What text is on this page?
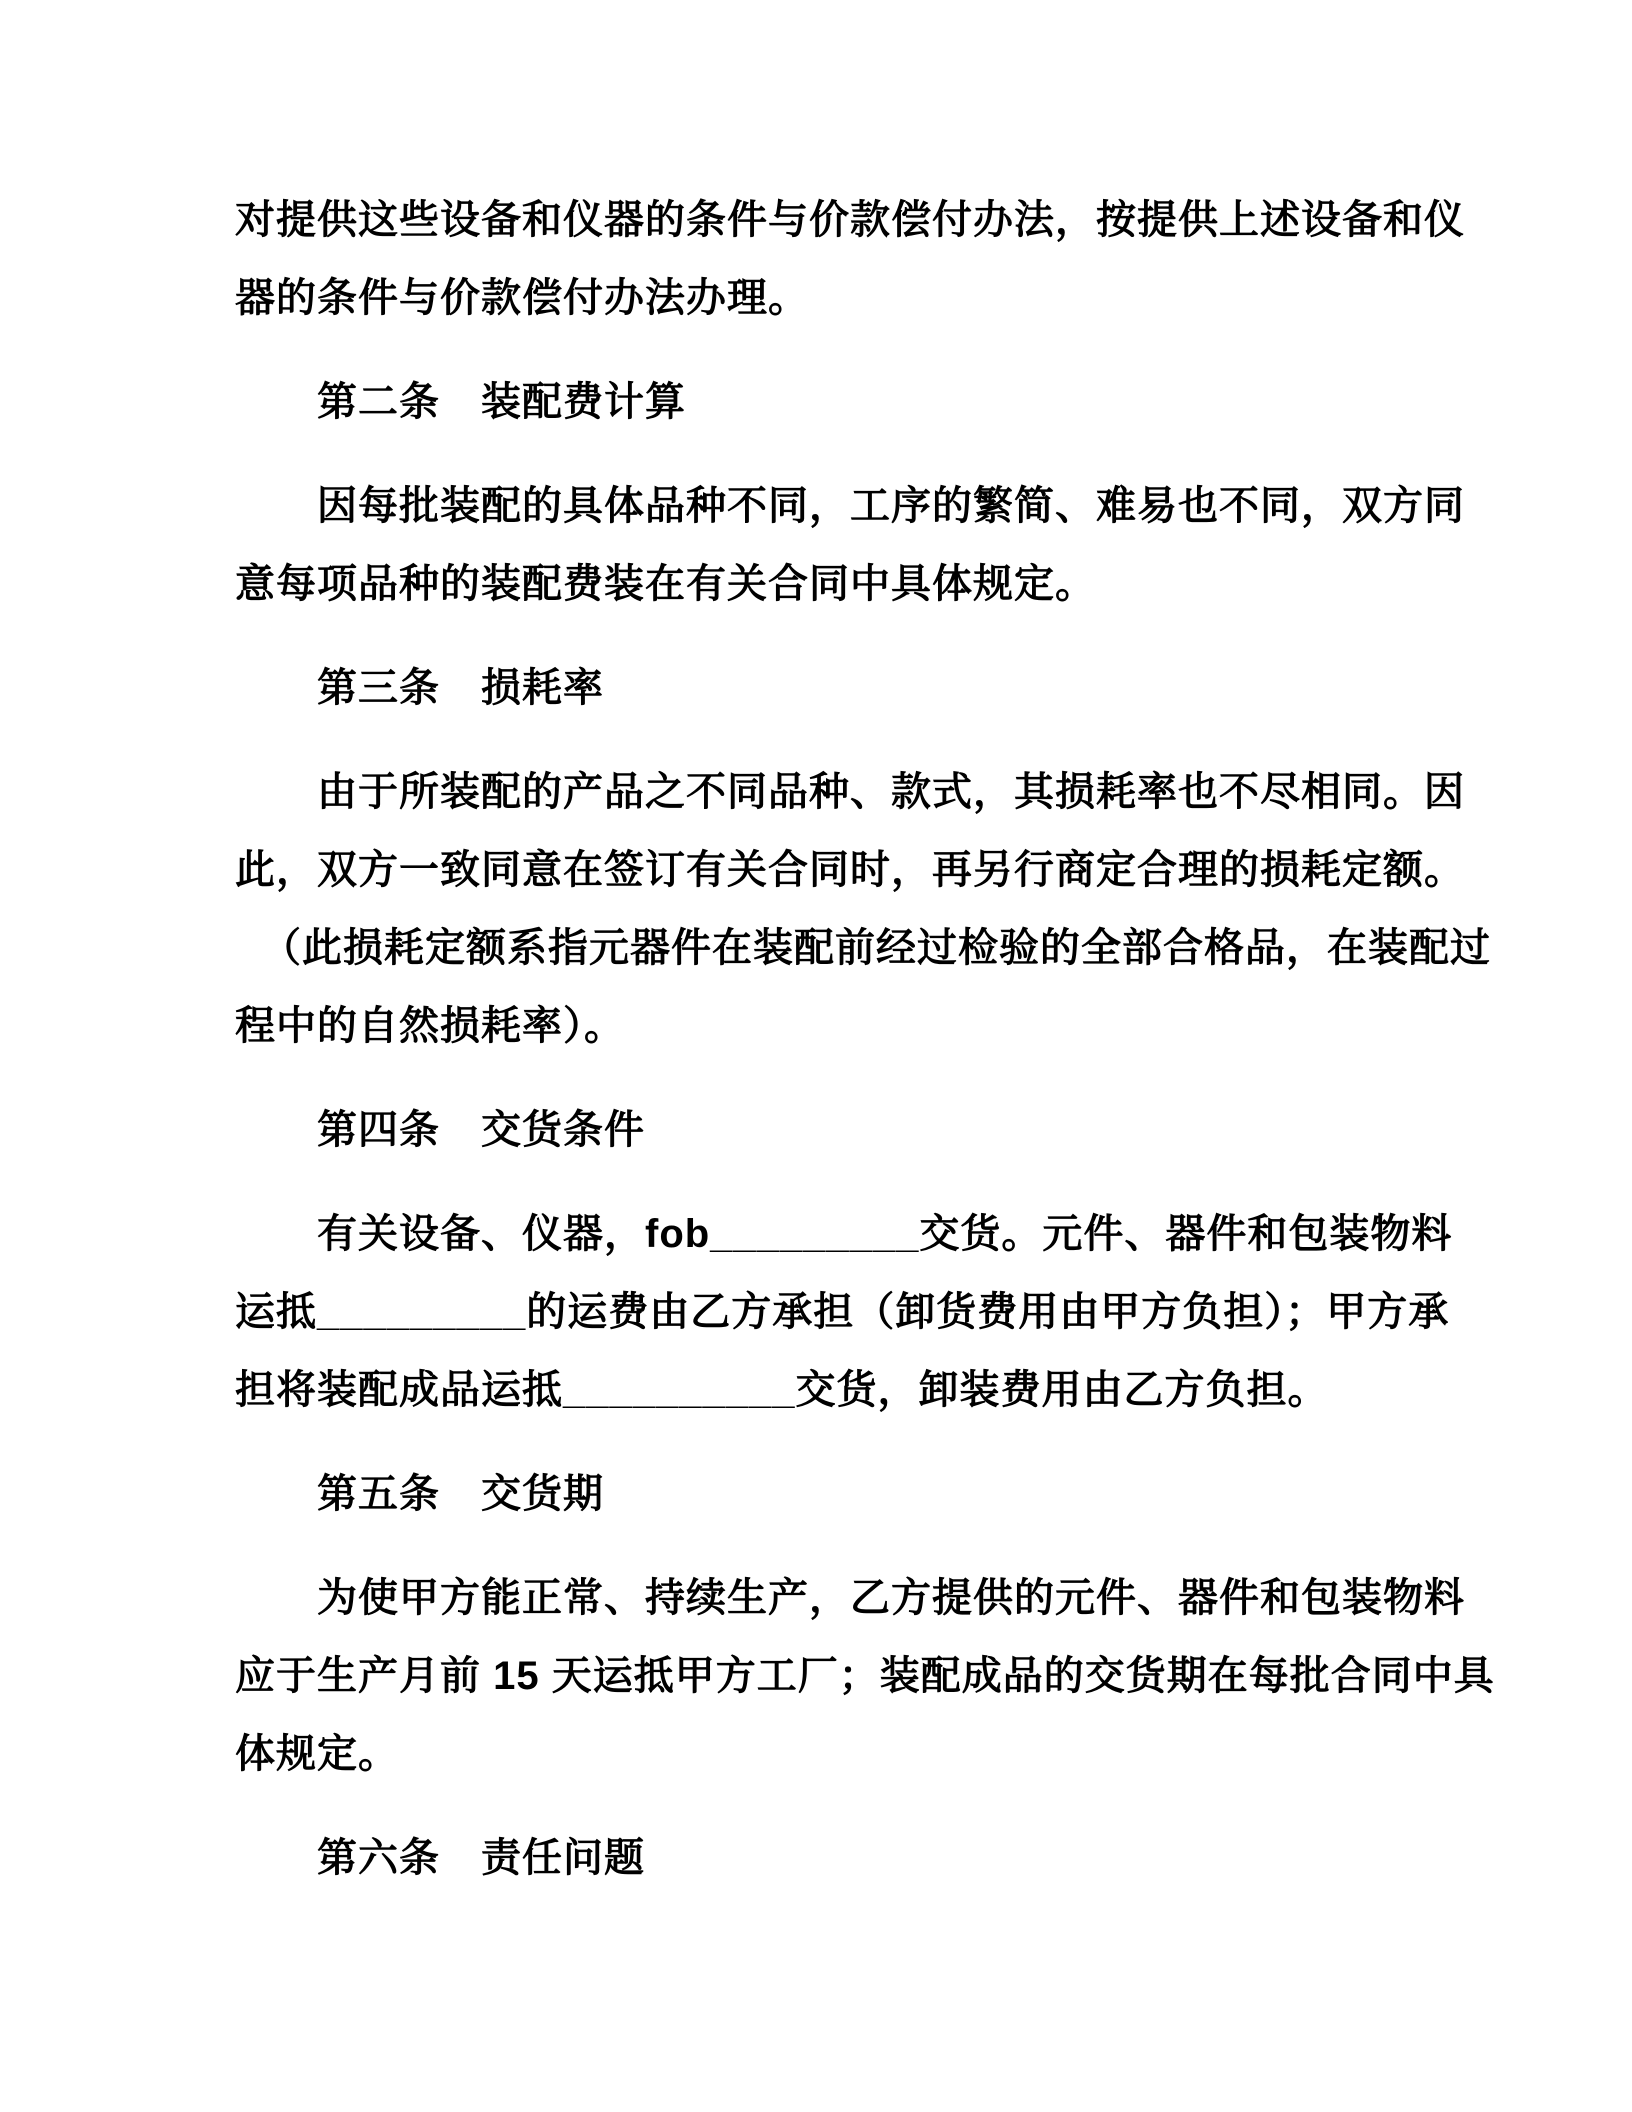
对提供这些设备和仪器的条件与价款偿付办法，按提供上述设备和仪
器的条件与价款偿付办法办理。
第二条　装配费计算
因每批装配的具体品种不同，工序的繁简、难易也不同，双方同
意每项品种的装配费装在有关合同中具体规定。
第三条　损耗率
由于所装配的产品之不同品种、款式，其损耗率也不尽相同。因
此，双方一致同意在签订有关合同时，再另行商定合理的损耗定额。
（此损耗定额系指元器件在装配前经过检验的全部合格品，在装配过
程中的自然损耗率）。
第四条　交货条件
有关设备、仪器，fob_________交货。元件、器件和包装物料
运抵_________的运费由乙方承担（卸货费用由甲方负担）；甲方承
担将装配成品运抵__________交货，卸装费用由乙方负担。
第五条　交货期
为使甲方能正常、持续生产，乙方提供的元件、器件和包装物料
应于生产月前 15 天运抵甲方工厂；装配成品的交货期在每批合同中具
体规定。
第六条　责任问题
